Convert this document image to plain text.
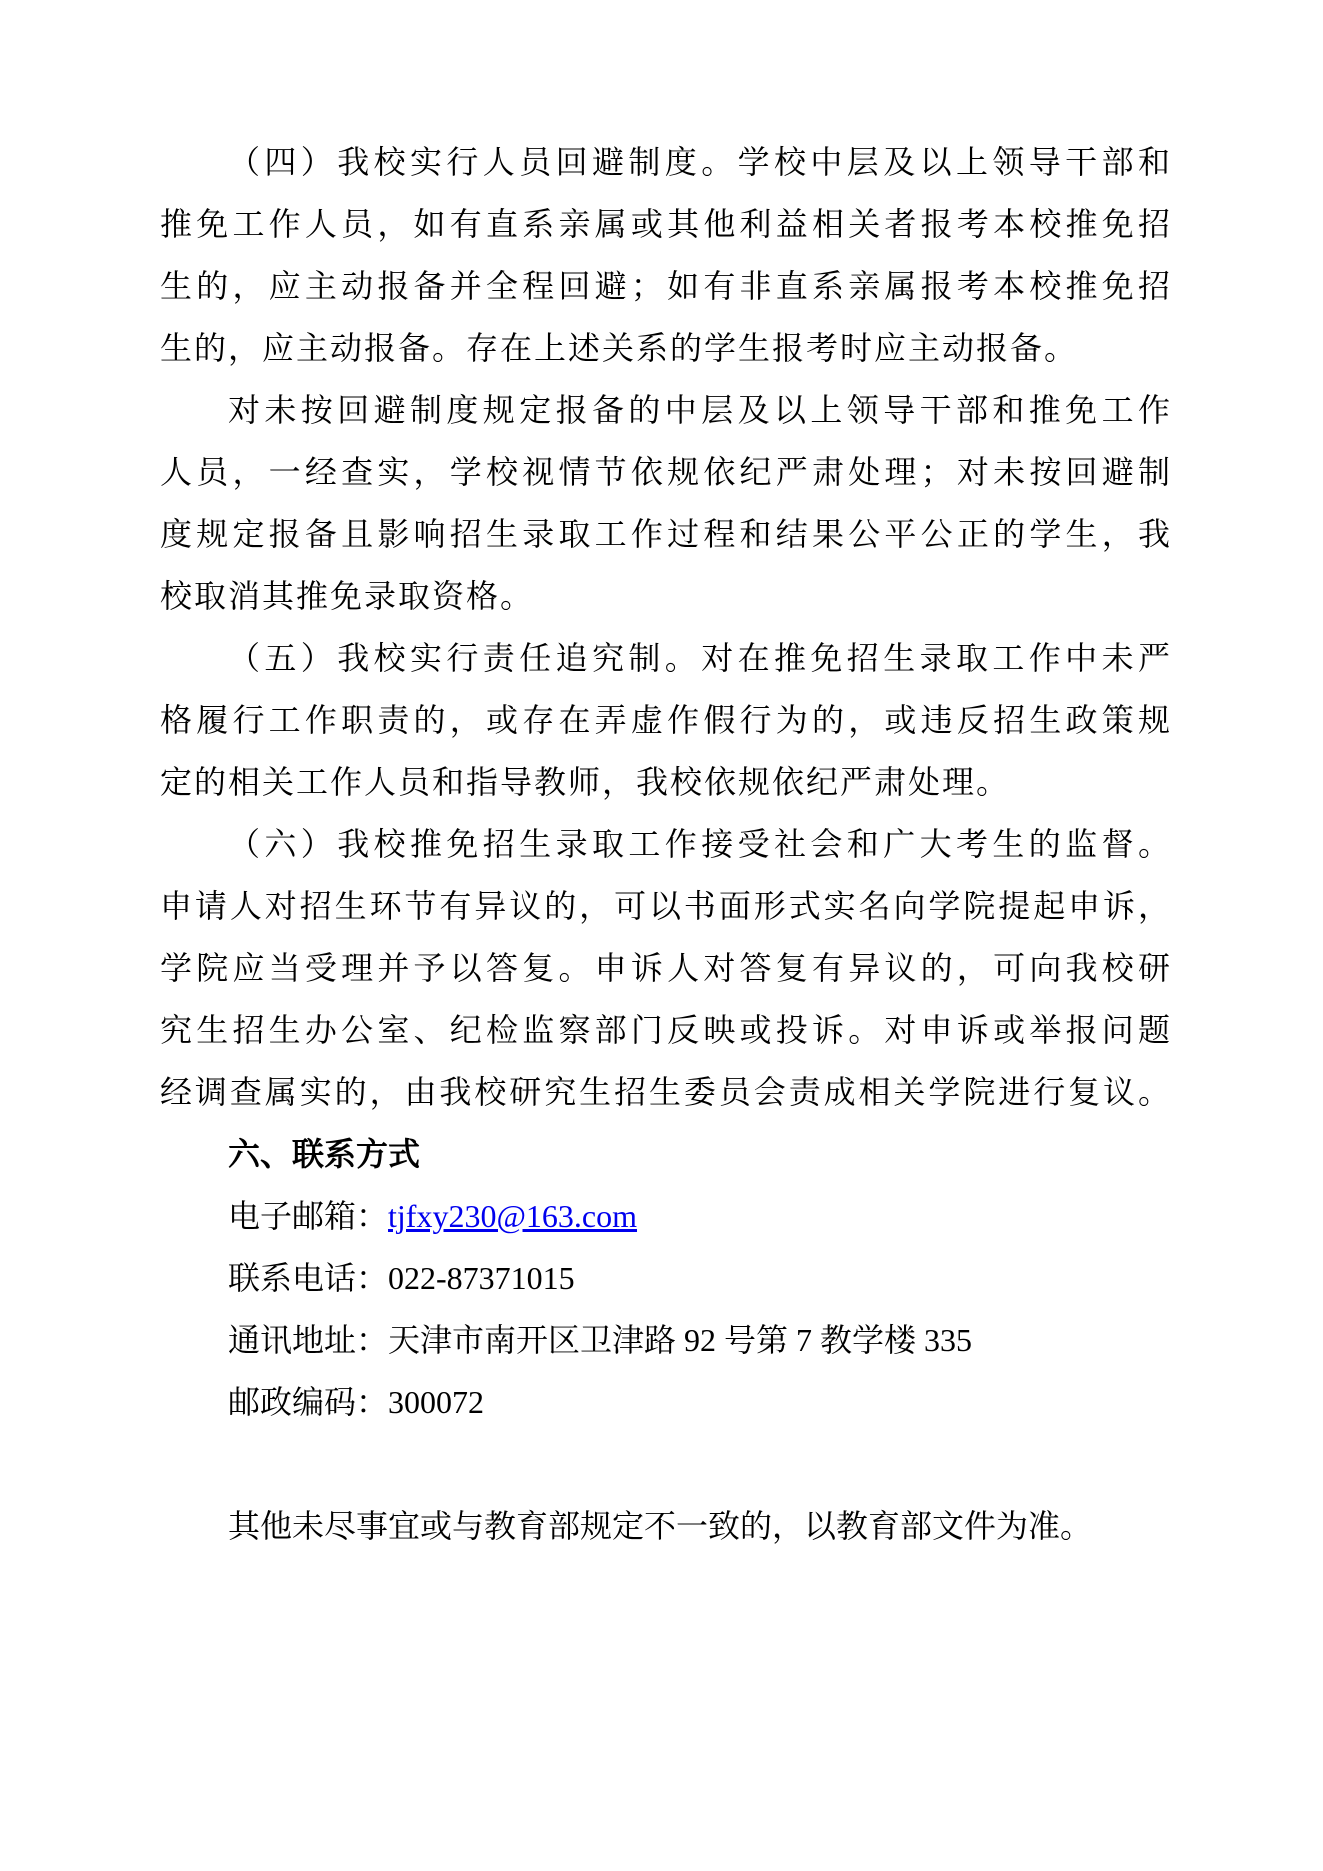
（四）我校实行人员回避制度。学校中层及以上领导干部和
推免工作人员，如有直系亲属或其他利益相关者报考本校推免招
生的，应主动报备并全程回避；如有非直系亲属报考本校推免招
生的，应主动报备。存在上述关系的学生报考时应主动报备。
对未按回避制度规定报备的中层及以上领导干部和推免工作
人员，一经查实，学校视情节依规依纪严肃处理；对未按回避制
度规定报备且影响招生录取工作过程和结果公平公正的学生，我
校取消其推免录取资格。
（五）我校实行责任追究制。对在推免招生录取工作中未严
格履行工作职责的，或存在弄虚作假行为的，或违反招生政策规
定的相关工作人员和指导教师，我校依规依纪严肃处理。
（六）我校推免招生录取工作接受社会和广大考生的监督。
申请人对招生环节有异议的，可以书面形式实名向学院提起申诉，
学院应当受理并予以答复。申诉人对答复有异议的，可向我校研
究生招生办公室、纪检监察部门反映或投诉。对申诉或举报问题
经调查属实的，由我校研究生招生委员会责成相关学院进行复议。
六、联系方式
电子邮箱：tjfxy230@163.com
联系电话：022-87371015
通讯地址：天津市南开区卫津路 92 号第 7 教学楼 335
邮政编码：300072
其他未尽事宜或与教育部规定不一致的，以教育部文件为准。
